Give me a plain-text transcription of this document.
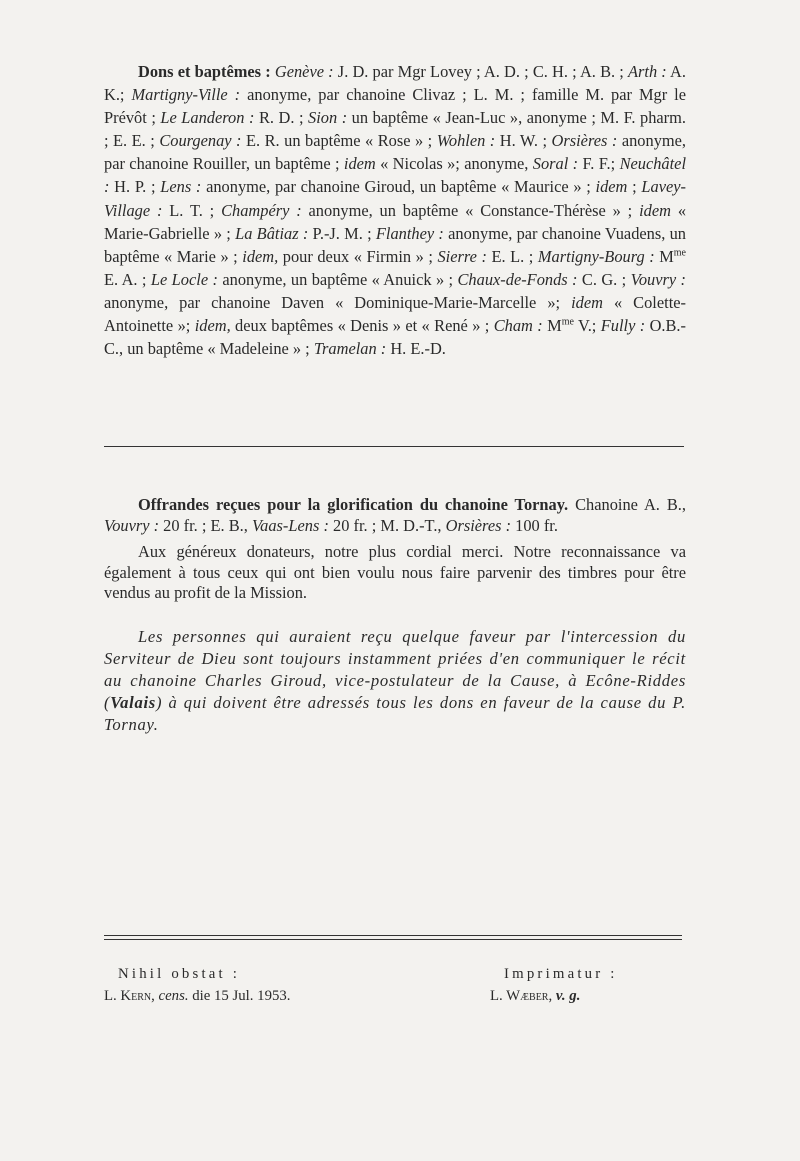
Dons et baptêmes : Genève : J. D. par Mgr Lovey ; A. D. ; C. H. ; A. B. ; Arth : A. K.; Martigny-Ville : anonyme, par chanoine Clivaz ; L. M. ; famille M. par Mgr le Prévôt ; Le Landeron : R. D. ; Sion : un baptême « Jean-Luc », anonyme ; M. F. pharm. ; E. E. ; Courgenay : E. R. un baptême « Rose » ; Wohlen : H. W. ; Orsières : anonyme, par chanoine Rouiller, un baptême ; idem « Nicolas »; anonyme, Soral : F. F.; Neuchâtel : H. P. ; Lens : anonyme, par chanoine Giroud, un baptême « Maurice » ; idem ; Lavey-Village : L. T. ; Champéry : anonyme, un baptême « Constance-Thérèse » ; idem « Marie-Gabrielle » ; La Bâtiaz : P.-J. M. ; Flanthey : anonyme, par chanoine Vuadens, un baptême « Marie » ; idem, pour deux « Firmin » ; Sierre : E. L. ; Martigny-Bourg : $M^{me}$ E. A. ; Le Locle : anonyme, un baptême « Anuick » ; Chaux-de-Fonds : C. G. ; Vouvry : anonyme, par chanoine Daven « Dominique-Marie-Marcelle »; idem « Colette-Antoinette »; idem, deux baptêmes « Denis » et « René » ; Cham : $M^{me}$ V.; Fully : O.B.-C., un baptême « Madeleine » ; Tramelan : H. E.-D.

Offrandes reçues pour la glorification du chanoine Tornay. Chanoine A. B., Vouvry : 20 fr. ; E. B., Vaas-Lens : 20 fr. ; M. D.-T., Orsières : 100 fr.

Aux généreux donateurs, notre plus cordial merci. Notre reconnaissance va également à tous ceux qui ont bien voulu nous faire parvenir des timbres pour être vendus au profit de la Mission.

Les personnes qui auraient reçu quelque faveur par l'intercession du Serviteur de Dieu sont toujours instamment priées d'en communiquer le récit au chanoine Charles Giroud, vice-postulateur de la Cause, à Ecône-Riddes (Valais) à qui doivent être adressés tous les dons en faveur de la cause du P. Tornay.

Nihil obstat :
L. Kern, cens. die 15 Jul. 1953.
Imprimatur :
L. Wæber, v. g.
